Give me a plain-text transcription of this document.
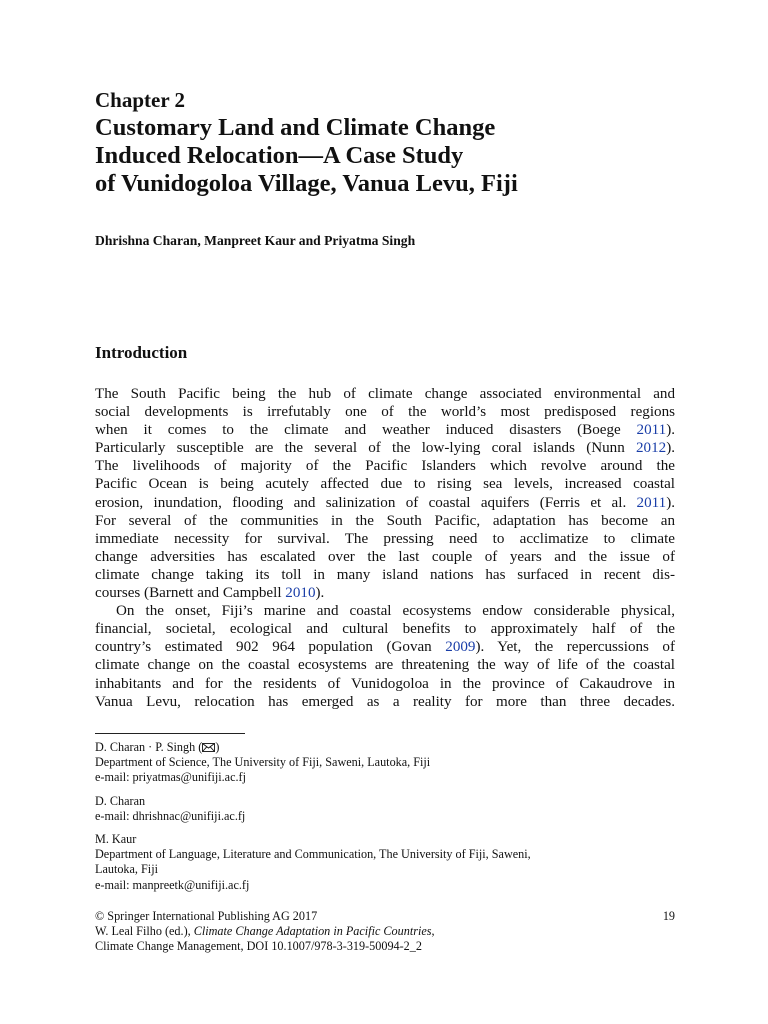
Chapter 2

Customary Land and Climate Change
Induced Relocation—A Case Study
of Vunidogoloa Village, Vanua Levu, Fiji

Dhrishna Charan, Manpreet Kaur and Priyatma Singh

Introduction
The South Pacific being the hub of climate change associated environmental and
social developments is irrefutably one of the world’s most predisposed regions
when it comes to the climate and weather induced disasters (Boege 2011).
Particularly susceptible are the several of the low-lying coral islands (Nunn 2012).
The livelihoods of majority of the Pacific Islanders which revolve around the
Pacific Ocean is being acutely affected due to rising sea levels, increased coastal
erosion, inundation, flooding and salinization of coastal aquifers (Ferris et al. 2011).
For several of the communities in the South Pacific, adaptation has become an
immediate necessity for survival. The pressing need to acclimatize to climate
change adversities has escalated over the last couple of years and the issue of
climate change taking its toll in many island nations has surfaced in recent dis-
courses (Barnett and Campbell 2010).
On the onset, Fiji’s marine and coastal ecosystems endow considerable physical,
financial, societal, ecological and cultural benefits to approximately half of the
country’s estimated 902 964 population (Govan 2009). Yet, the repercussions of
climate change on the coastal ecosystems are threatening the way of life of the coastal
inhabitants and for the residents of Vunidogoloa in the province of Cakaudrove in
Vanua Levu, relocation has emerged as a reality for more than three decades.
D. Charan · P. Singh ( )
Department of Science, The University of Fiji, Saweni, Lautoka, Fiji
e-mail: priyatmas@unifiji.ac.fj
D. Charan
e-mail: dhrishnac@unifiji.ac.fj
M. Kaur
Department of Language, Literature and Communication, The University of Fiji, Saweni,
Lautoka, Fiji
e-mail: manpreetk@unifiji.ac.fj
© Springer International Publishing AG 2017	19
W. Leal Filho (ed.), Climate Change Adaptation in Pacific Countries,
Climate Change Management, DOI 10.1007/978-3-319-50094-2_2
